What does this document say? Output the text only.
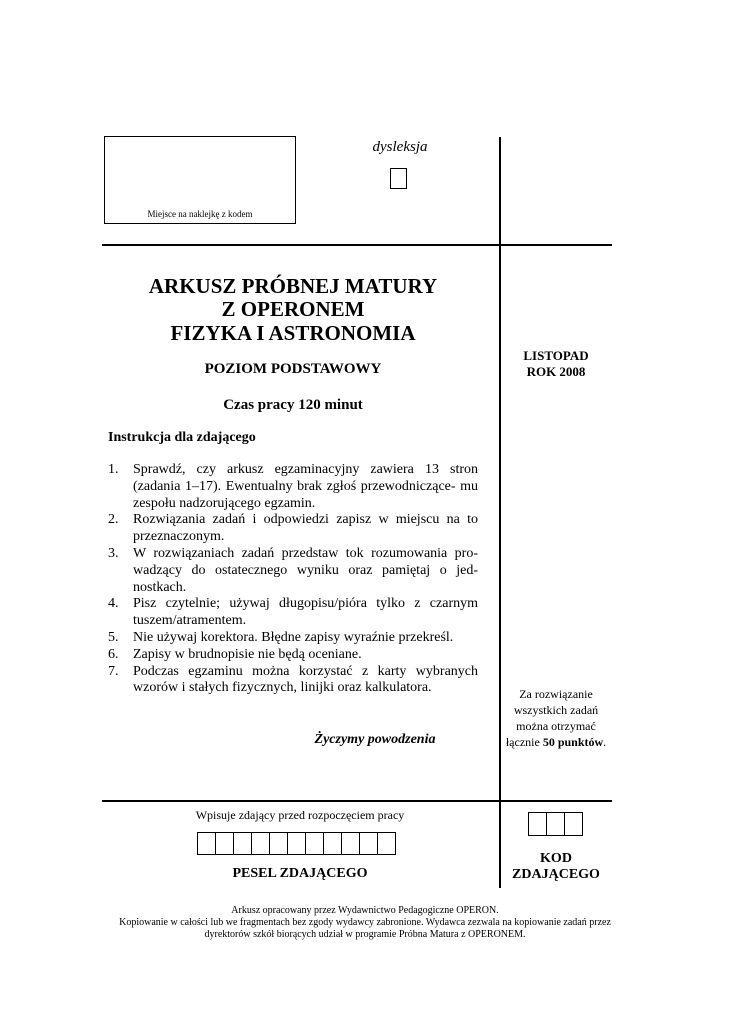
Miejsce na naklejkę z kodem
dysleksja
ARKUSZ PRÓBNEJ MATURY
Z OPERONEM
FIZYKA I ASTRONOMIA
POZIOM PODSTAWOWY
Czas pracy 120 minut
LISTOPAD
ROK 2008
Instrukcja dla zdającego
1.	Sprawdź, czy arkusz egzaminacyjny zawiera 13 stron (zadania 1–17). Ewentualny brak zgłoś przewodniczące- mu zespołu nadzorującego egzamin.
2.	Rozwiązania zadań i odpowiedzi zapisz w miejscu na to przeznaczonym.
3.	W rozwiązaniach zadań przedstaw tok rozumowania pro- wadzący do ostatecznego wyniku oraz pamiętaj o jed- nostkach.
4.	Pisz czytelnie; używaj długopisu/pióra tylko z czarnym tuszem/atramentem.
5.	Nie używaj korektora. Błędne zapisy wyraźnie przekreśl.
6.	Zapisy w brudnopisie nie będą oceniane.
7.	Podczas egzaminu można korzystać z karty wybranych wzorów i stałych fizycznych, linijki oraz kalkulatora.	Za rozwiązanie
wszystkich zadań
można otrzymać
łącznie 50 punktów.
Życzymy powodzenia
Wpisuje zdający przed rozpoczęciem pracy
PESEL ZDAJĄCEGO
KOD
ZDAJĄCEGO
Arkusz opracowany przez Wydawnictwo Pedagogiczne OPERON.
Kopiowanie w całości lub we fragmentach bez zgody wydawcy zabronione. Wydawca zezwala na kopiowanie zadań przez
dyrektorów szkół biorących udział w programie Próbna Matura z OPERONEM.
